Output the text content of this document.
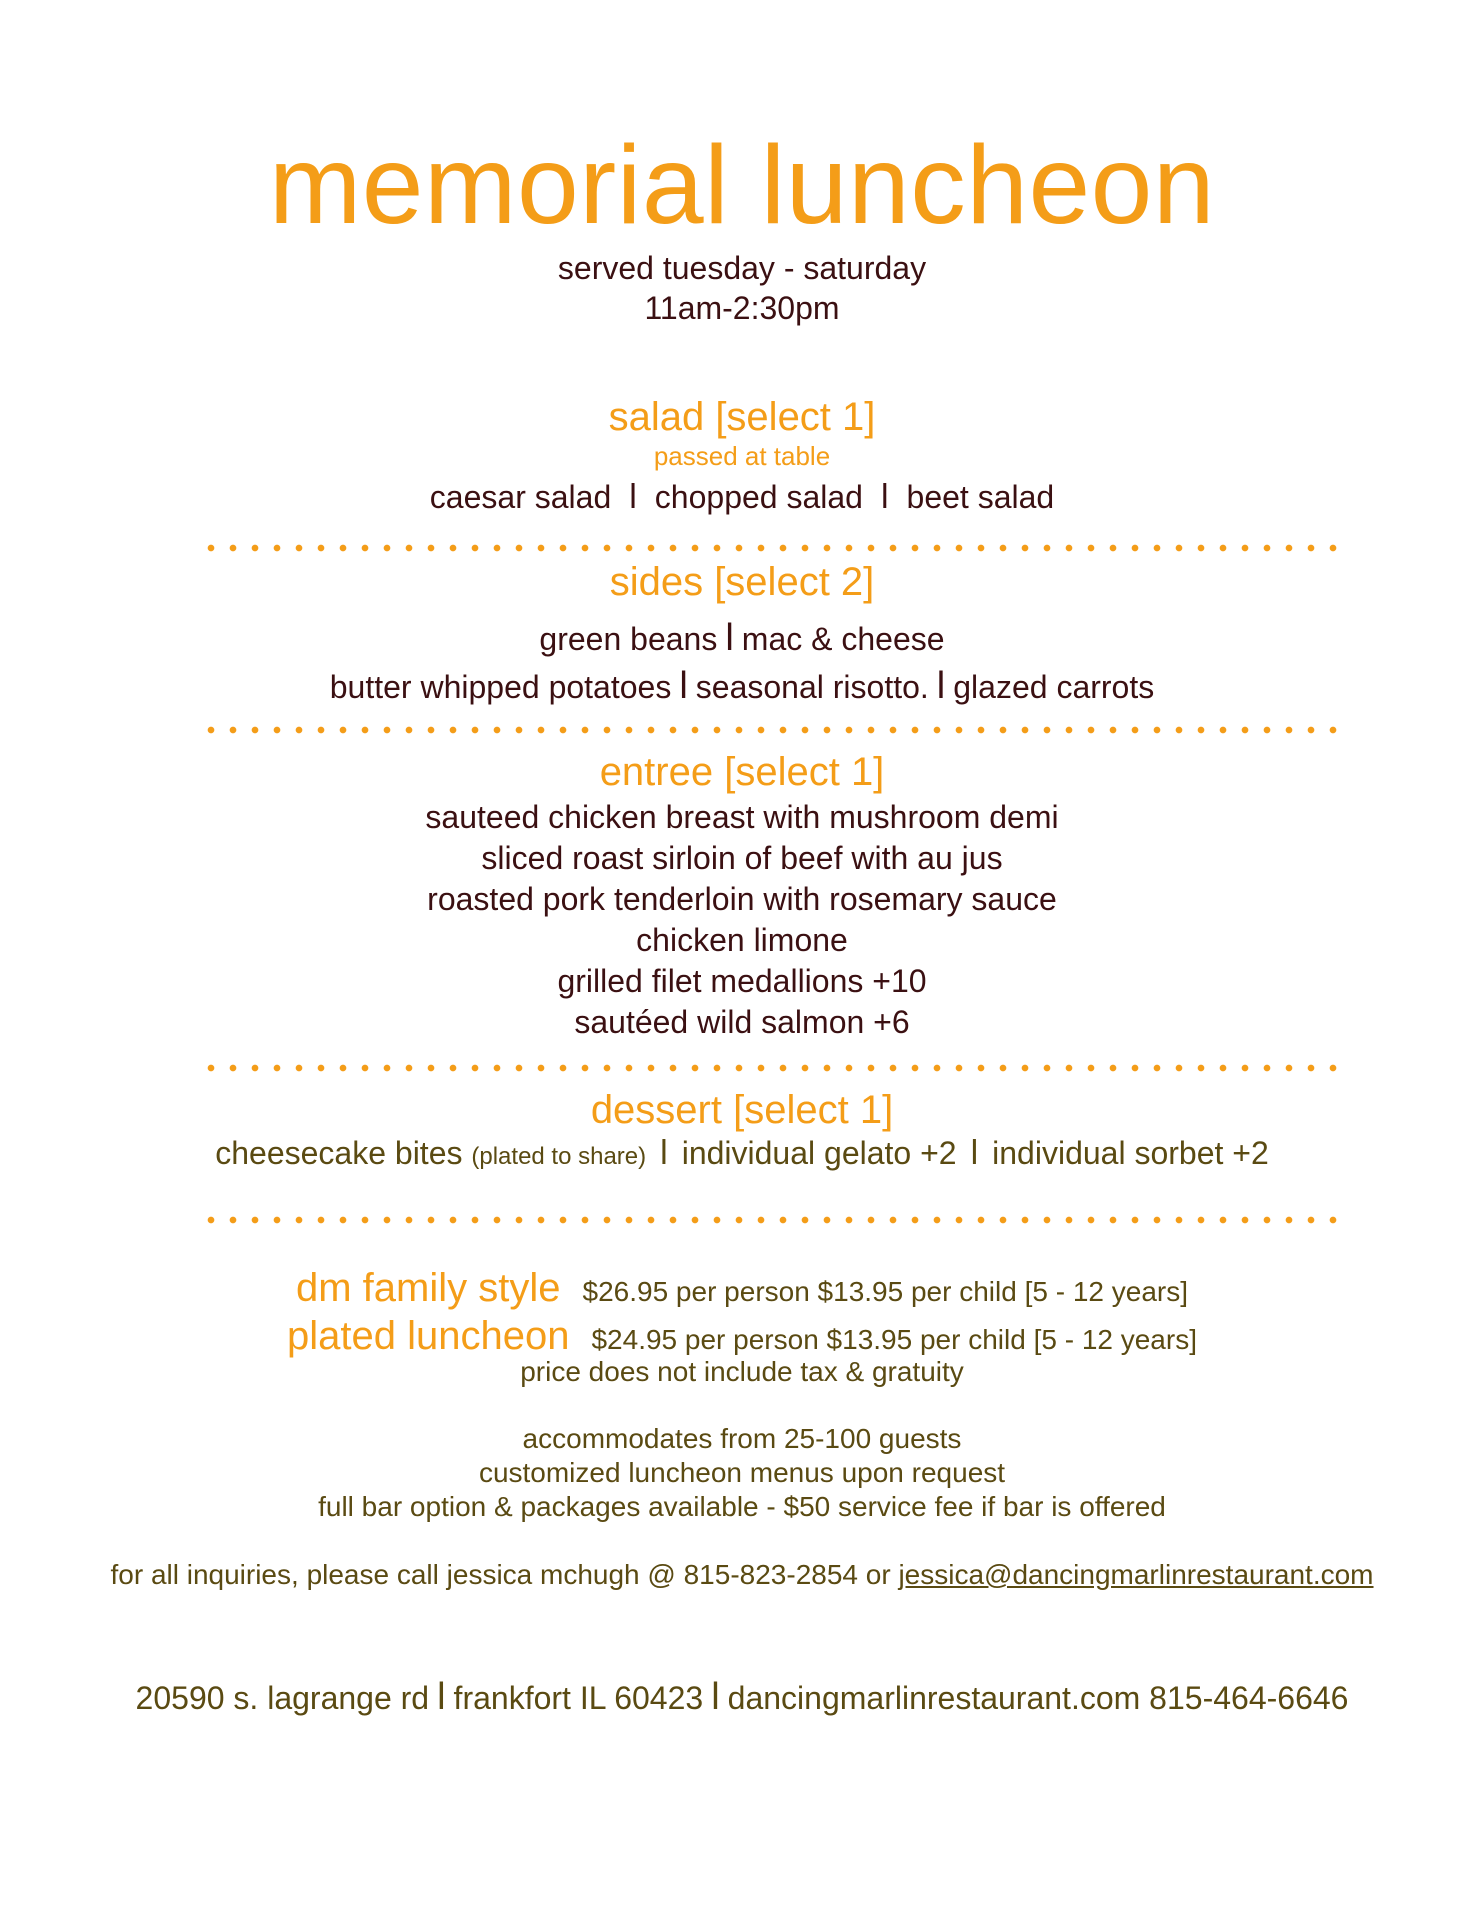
memorial luncheon
served tuesday - saturday
11am-2:30pm
salad [select 1]
passed at table
caesar salad l chopped salad l beet salad
sides [select 2]
green beans l mac & cheese
butter whipped potatoes l seasonal risotto. l glazed carrots
entree [select 1]
sauteed chicken breast with mushroom demi
sliced roast sirloin of beef with au jus
roasted pork tenderloin with rosemary sauce
chicken limone
grilled filet medallions +10
sautéed wild salmon +6
dessert [select 1]
cheesecake bites (plated to share) l individual gelato +2 l individual sorbet +2
dm family style $26.95 per person $13.95 per child [5 - 12 years]
plated luncheon $24.95 per person $13.95 per child [5 - 12 years]
price does not include tax & gratuity
accommodates from 25-100 guests
customized luncheon menus upon request
full bar option & packages available - $50 service fee if bar is offered
for all inquiries, please call jessica mchugh @ 815-823-2854 or jessica@dancingmarlinrestaurant.com
20590 s. lagrange rd l frankfort IL 60423 l dancingmarlinrestaurant.com 815-464-6646
